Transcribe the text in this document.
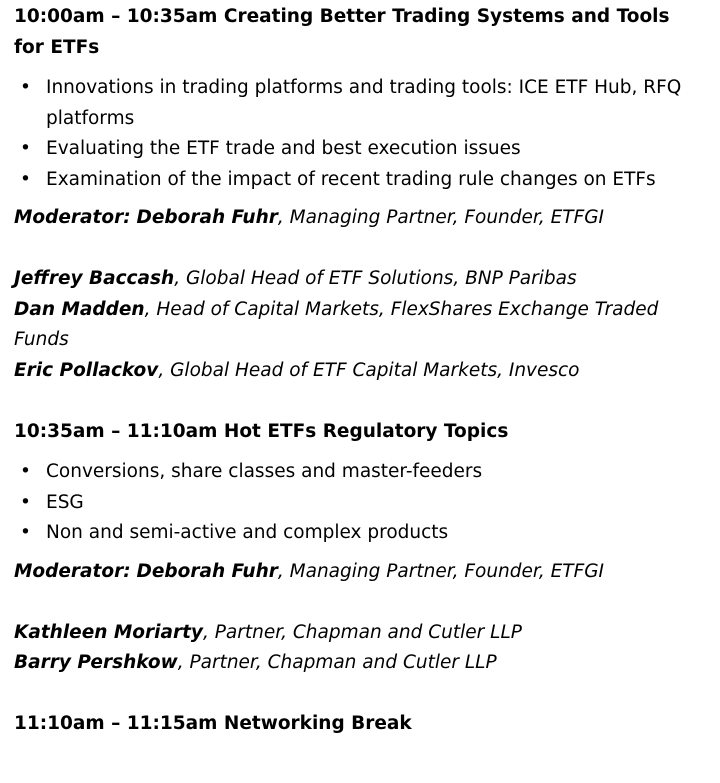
10:00am – 10:35am Creating Better Trading Systems and Tools for ETFs

• Innovations in trading platforms and trading tools: ICE ETF Hub, RFQ platforms
• Evaluating the ETF trade and best execution issues
• Examination of the impact of recent trading rule changes on ETFs

Moderator: Deborah Fuhr, Managing Partner, Founder, ETFGI

Jeffrey Baccash, Global Head of ETF Solutions, BNP Paribas

Dan Madden, Head of Capital Markets, FlexShares Exchange Traded Funds

Eric Pollackov, Global Head of ETF Capital Markets, Invesco

10:35am – 11:10am Hot ETFs Regulatory Topics

• Conversions, share classes and master-feeders
• ESG
• Non and semi-active and complex products

Moderator: Deborah Fuhr, Managing Partner, Founder, ETFGI

Kathleen Moriarty, Partner, Chapman and Cutler LLP

Barry Pershkow, Partner, Chapman and Cutler LLP

11:10am – 11:15am Networking Break
